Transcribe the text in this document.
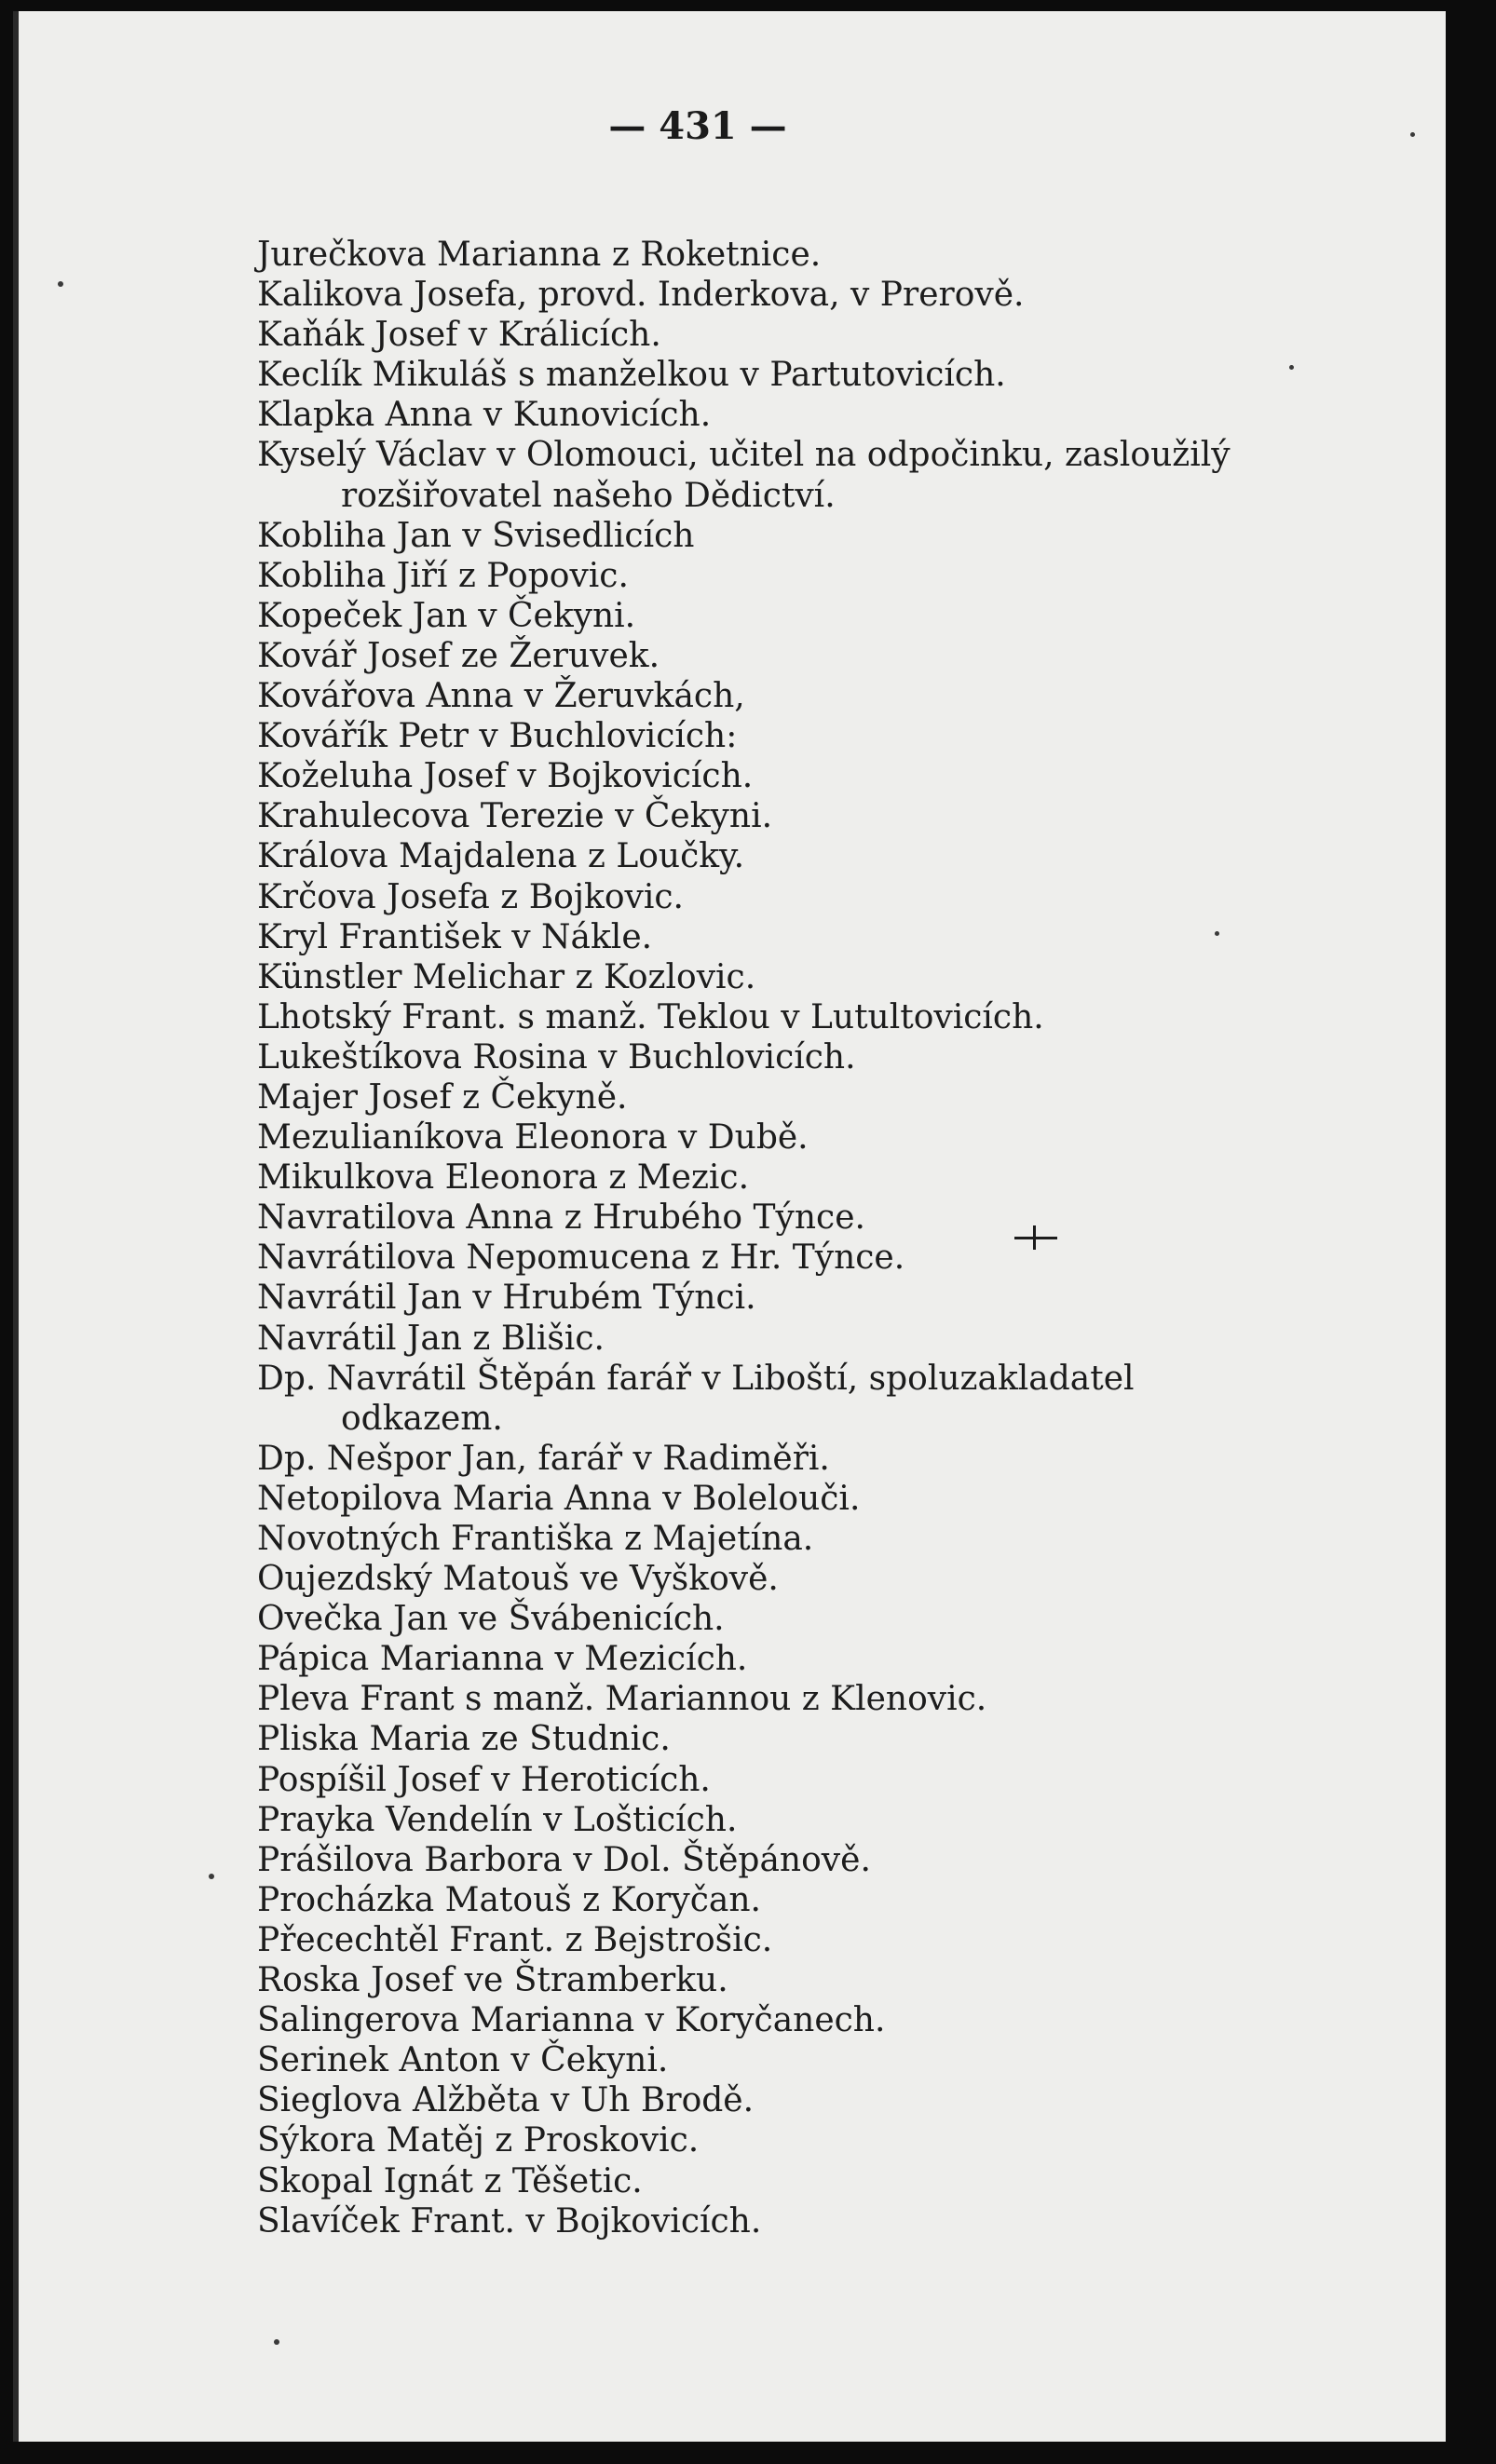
— 431 —
Jurečkova Marianna z Roketnice.
Kalikova Josefa, provd. Inderkova, v Prerově.
Kaňák Josef v Králicích.
Keclík Mikuláš s manželkou v Partutovicích.
Klapka Anna v Kunovicích.
Kyselý Václav v Olomouci, učitel na odpočinku, zasloužilý rozšiřovatel našeho Dědictví.
Kobliha Jan v Svisedlicích
Kobliha Jiří z Popovic.
Kopeček Jan v Čekyni.
Kovář Josef ze Žeruvek.
Kovářova Anna v Žeruvkách,
Kovářík Petr v Buchlovicích:
Koželuha Josef v Bojkovicích.
Krahulecova Terezie v Čekyni.
Králova Majdalena z Loučky.
Krčova Josefa z Bojkovic.
Kryl František v Nákle.
Künstler Melichar z Kozlovic.
Lhotský Frant. s manž. Teklou v Lutultovicích.
Lukeštíkova Rosina v Buchlovicích.
Majer Josef z Čekyně.
Mezulianíkova Eleonora v Dubě.
Mikulkova Eleonora z Mezic.
Navratilova Anna z Hrubého Týnce.
Navrátilova Nepomucena z Hr. Týnce.
Navrátil Jan v Hrubém Týnci.
Navrátil Jan z Blišic.
Dp. Navrátil Štěpán farář v Liboští, spoluzakladatel odkazem.
Dp. Nešpor Jan, farář v Radiměři.
Netopilova Maria Anna v Bolelouči.
Novotných Františka z Majetína.
Oujezdský Matouš ve Vyškově.
Ovečka Jan ve Švábenicích.
Pápica Marianna v Mezicích.
Pleva Frant s manž. Mariannou z Klenovic.
Pliska Maria ze Studnic.
Pospíšil Josef v Heroticích.
Prayka Vendelín v Lošticích.
Prášilova Barbora v Dol. Štěpánově.
Procházka Matouš z Koryčan.
Přecechtěl Frant. z Bejstrošic.
Roska Josef ve Štramberku.
Salingerova Marianna v Koryčanech.
Serinek Anton v Čekyni.
Sieglova Alžběta v Uh Brodě.
Sýkora Matěj z Proskovic.
Skopal Ignát z Těšetic.
Slavíček Frant. v Bojkovicích.
